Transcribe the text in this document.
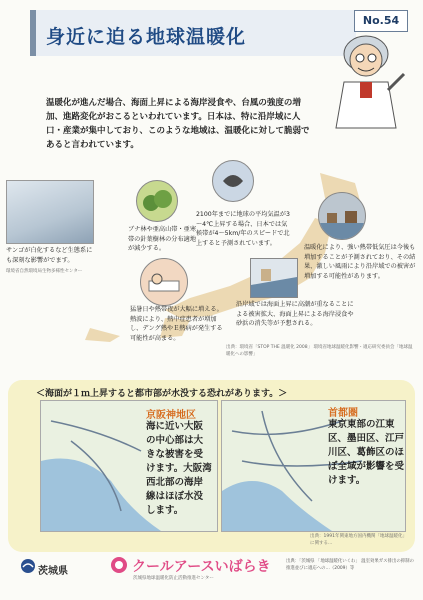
身近に迫る地球温暖化
No.54
温暖化が進んだ場合、海面上昇による海岸浸食や、台風の強度の増加、進路変化がおこるといわれています。日本は、特に沿岸域に人口・産業が集中しており、このような地域は、温暖化に対して脆弱であると言われています。
サンゴが白化するなど生態系にも深刻な影響がでます。
環境省自然環境局生物多様性センター
ブナ林や亜高山帯・亜寒帯の針葉樹林の分布適地が減少する。
2100年までに地球の平均気温が3～4℃上昇する場合、日本では気候帯が4～5km/年のスピードで北上すると予測されています。
温暖化により、強い熱帯低気圧は今後も増加することが予測されており、その結果、激しい風雨により沿岸域での被害が増加する可能性があります。
猛暑日や熱帯夜が大幅に増える。熱波により、熱中症患者が増加し、デング熱やＥ熱病が発生する可能性が高まる。
沿岸域では海面上昇に高潮が重なることによる被害拡大、海面上昇による海岸浸食や砂浜の消失等が予想される。
出典：環境省「STOP THE 温暖化 2008」 環境省地球温暖化影響・適応研究委員会「地球温暖化への影響」
＜海面が１ｍ上昇すると都市部が水没する恐れがあります。＞
京阪神地区
海に近い大阪の中心部は大きな被害を受けます。大阪湾西北部の海岸線はほぼ水没します。
首都圏
東京東部の江東区、墨田区、江戸川区、葛飾区のほぼ全域が影響を受けます。
出典：1991年関東地方国内機関「地球温暖化」に関する...
茨城県	クールアースいばらき
茨城県地球温暖化防止活動推進センター
出典：「茨城県 「地球温暖化いくわ」 温室効果ガス排出の抑制の推進並びに適応への…（2009）等
